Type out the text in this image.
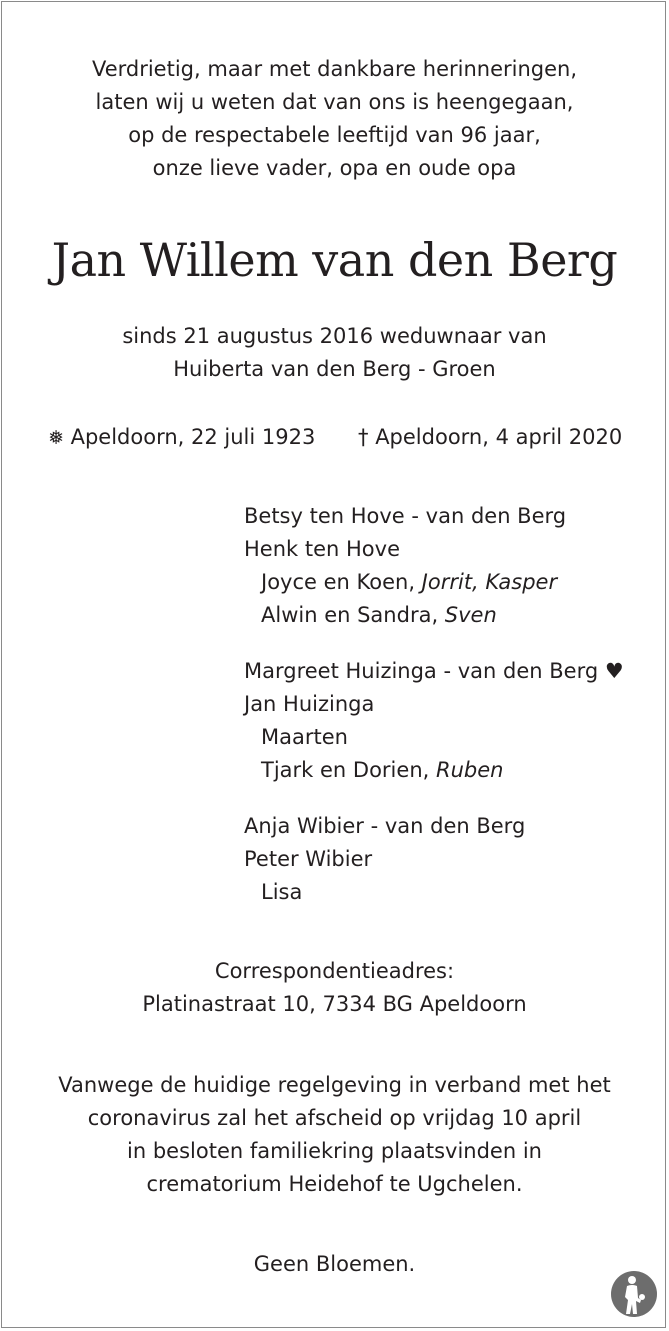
Verdrietig, maar met dankbare herinneringen,
laten wij u weten dat van ons is heengegaan,
op de respectabele leeftijd van 96 jaar,
onze lieve vader, opa en oude opa
Jan Willem van den Berg
sinds 21 augustus 2016 weduwnaar van
Huiberta van den Berg - Groen
❅ Apeldoorn, 22 juli 1923 † Apeldoorn, 4 april 2020
Betsy ten Hove - van den Berg
Henk ten Hove
Joyce en Koen, Jorrit, Kasper
Alwin en Sandra, Sven
Margreet Huizinga - van den Berg ♥
Jan Huizinga
Maarten
Tjark en Dorien, Ruben
Anja Wibier - van den Berg
Peter Wibier
Lisa
Correspondentieadres:
Platinastraat 10, 7334 BG Apeldoorn
Vanwege de huidige regelgeving in verband met het
coronavirus zal het afscheid op vrijdag 10 april
in besloten familiekring plaatsvinden in
crematorium Heidehof te Ugchelen.
Geen Bloemen.
